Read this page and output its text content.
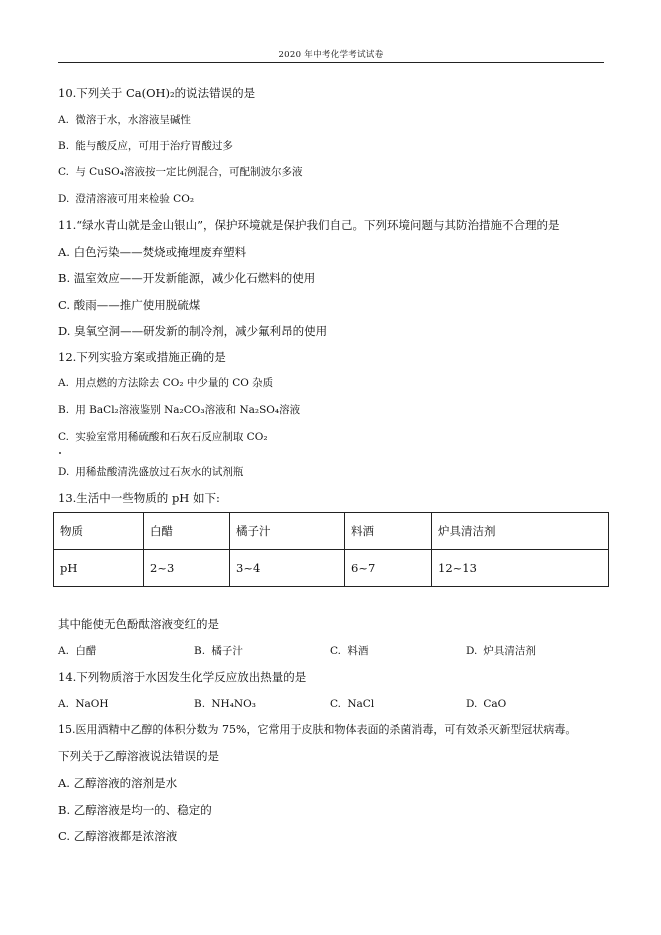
2020 年中考化学考试试卷
10.下列关于 Ca(OH)₂的说法错误的是
A. 微溶于水，水溶液呈碱性
B. 能与酸反应，可用于治疗胃酸过多
C. 与 CuSO₄溶液按一定比例混合，可配制波尔多液
D. 澄清溶液可用来检验 CO₂
11.“绿水青山就是金山银山”，保护环境就是保护我们自己。下列环境问题与其防治措施不合理的是
A. 白色污染——焚烧或掩埋废弃塑料
B. 温室效应——开发新能源，减少化石燃料的使用
C. 酸雨——推广使用脱硫煤
D. 臭氧空洞——研发新的制冷剂，减少氟利昂的使用
12.下列实验方案或措施正确的是
A. 用点燃的方法除去 CO₂ 中少量的 CO 杂质
B. 用 BaCl₂溶液鉴别 Na₂CO₃溶液和 Na₂SO₄溶液
C. 实验室常用稀硫酸和石灰石反应制取 CO₂
D. 用稀盐酸清洗盛放过石灰水的试剂瓶
13.生活中一些物质的 pH 如下:
物质	白醋	橘子汁	料酒	炉具清洁剂
pH	2~3	3~4	6~7	12~13
其中能使无色酚酞溶液变红的是
A. 白醋	B. 橘子汁	C. 料酒	D. 炉具清洁剂
14.下列物质溶于水因发生化学反应放出热量的是
A. NaOH	B. NH₄NO₃	C. NaCl	D. CaO
15.医用酒精中乙醇的体积分数为 75%，它常用于皮肤和物体表面的杀菌消毒，可有效杀灭新型冠状病毒。
下列关于乙醇溶液说法错误的是
A. 乙醇溶液的溶剂是水
B. 乙醇溶液是均一的、稳定的
C. 乙醇溶液都是浓溶液
